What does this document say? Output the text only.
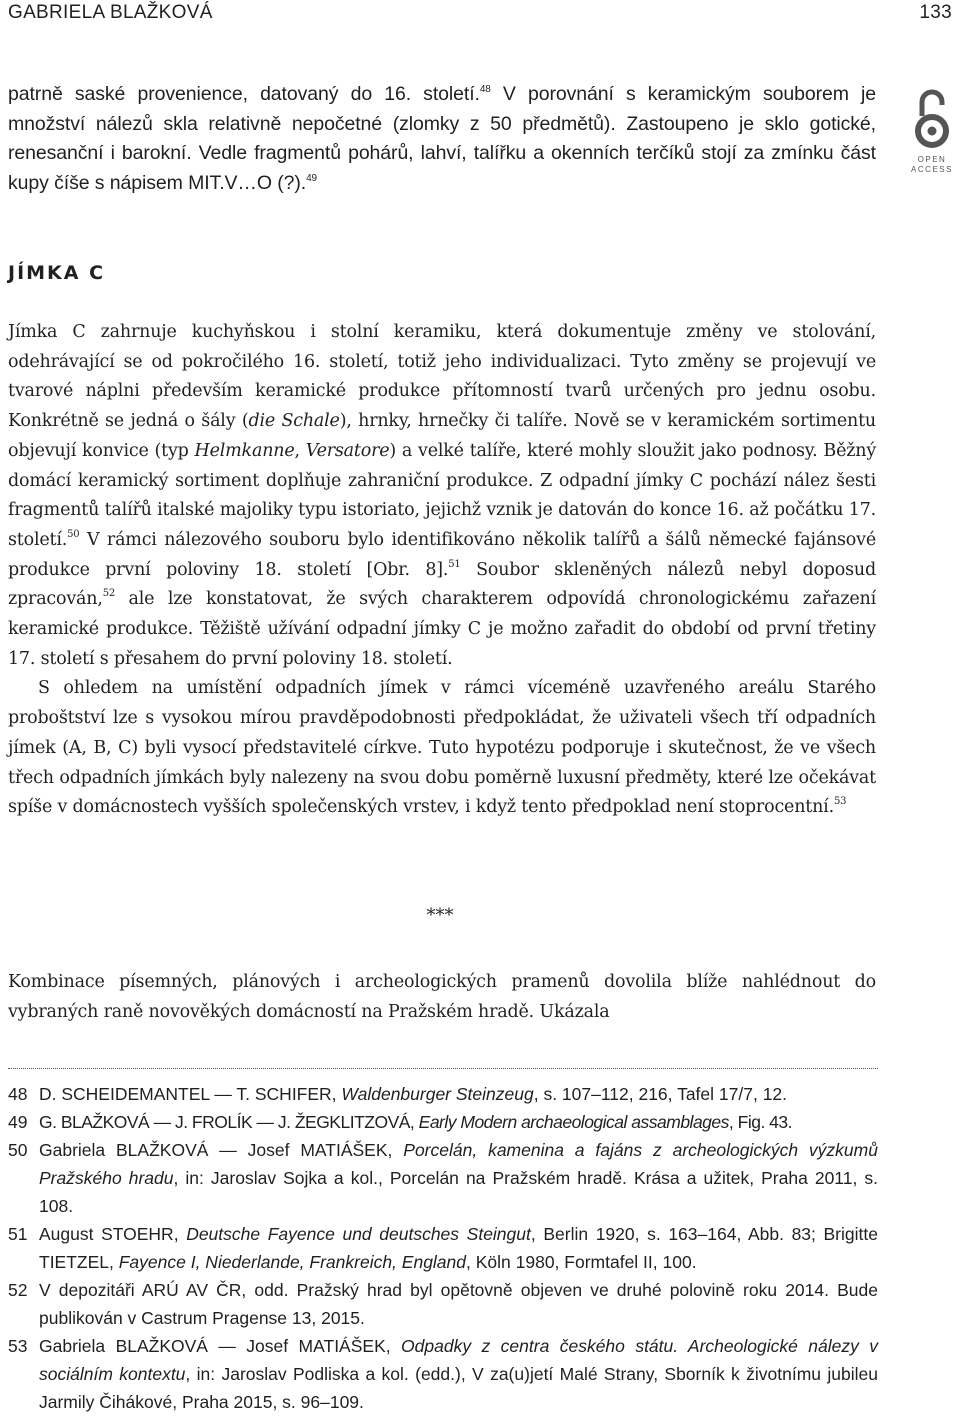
GABRIELA BLAŽKOVÁ	133

patrně saské provenience, datovaný do 16. století.$^{48}$ V porovnání s keramickým souborem je množství nálezů skla relativně nepočetné (zlomky z 50 předmětů). Zastoupeno je sklo gotické, renesanční i barokní. Vedle fragmentů pohárů, lahví, talířku a okenních terčíků stojí za zmínku část kupy číše s nápisem MIT.V…O (?).$^{49}$

OPEN
ACCESS
JÍMKA C

Jímka C zahrnuje kuchyňskou i stolní keramiku, která dokumentuje změny ve stolování, odehrávající se od pokročilého 16. století, totiž jeho individualizaci. Tyto změny se projevují ve tvarové náplni především keramické produkce přítomností tvarů určených pro jednu osobu. Konkrétně se jedná o šály (die Schale), hrnky, hrnečky či talíře. Nově se v keramickém sortimentu objevují konvice (typ Helmkanne, Versatore) a velké talíře, které mohly sloužit jako podnosy. Běžný domácí keramický sortiment doplňuje zahraniční produkce. Z odpadní jímky C pochází nález šesti fragmentů talířů italské majoliky typu istoriato, jejichž vznik je datován do konce 16. až počátku 17. století.$^{50}$ V rámci nálezového souboru bylo identifikováno několik talířů a šálů německé fajánsové produkce první poloviny 18. století [Obr. 8].$^{51}$ Soubor skleněných nálezů nebyl doposud zpracován,$^{52}$ ale lze konstatovat, že svých charakterem odpovídá chronologickému zařazení keramické produkce. Těžiště užívání odpadní jímky C je možno zařadit do období od první třetiny 17. století s přesahem do první poloviny 18. století.

S ohledem na umístění odpadních jímek v rámci víceméně uzavřeného areálu Starého proboštství lze s vysokou mírou pravděpodobnosti předpokládat, že uživateli všech tří odpadních jímek (A, B, C) byli vysocí představitelé církve. Tuto hypotézu podporuje i skutečnost, že ve všech třech odpadních jímkách byly nalezeny na svou dobu poměrně luxusní předměty, které lze očekávat spíše v domácnostech vyšších společenských vrstev, i když tento předpoklad není stoprocentní.$^{53}$

***

Kombinace písemných, plánových i archeologických pramenů dovolila blíže nahlédnout do vybraných raně novověkých domácností na Pražském hradě. Ukázala

48 D. SCHEIDEMANTEL — T. SCHIFER, Waldenburger Steinzeug, s. 107–112, 216, Tafel 17/7, 12.
49 G. BLAŽKOVÁ — J. FROLÍK — J. ŽEGKLITZOVÁ, Early Modern archaeological assamblages, Fig. 43.
50 Gabriela BLAŽKOVÁ — Josef MATIÁŠEK, Porcelán, kamenina a fajáns z archeologických výzkumů Pražského hradu, in: Jaroslav Sojka a kol., Porcelán na Pražském hradě. Krása a užitek, Praha 2011, s. 108.
51 August STOEHR, Deutsche Fayence und deutsches Steingut, Berlin 1920, s. 163–164, Abb. 83; Brigitte TIETZEL, Fayence I, Niederlande, Frankreich, England, Köln 1980, Formtafel II, 100.
52 V depozitáři ARÚ AV ČR, odd. Pražský hrad byl opětovně objeven ve druhé polovině roku 2014. Bude publikován v Castrum Pragense 13, 2015.
53 Gabriela BLAŽKOVÁ — Josef MATIÁŠEK, Odpadky z centra českého státu. Archeologické nálezy v sociálním kontextu, in: Jaroslav Podliska a kol. (edd.), V za(u)jetí Malé Strany, Sborník k životnímu jubileu Jarmily Čihákové, Praha 2015, s. 96–109.
